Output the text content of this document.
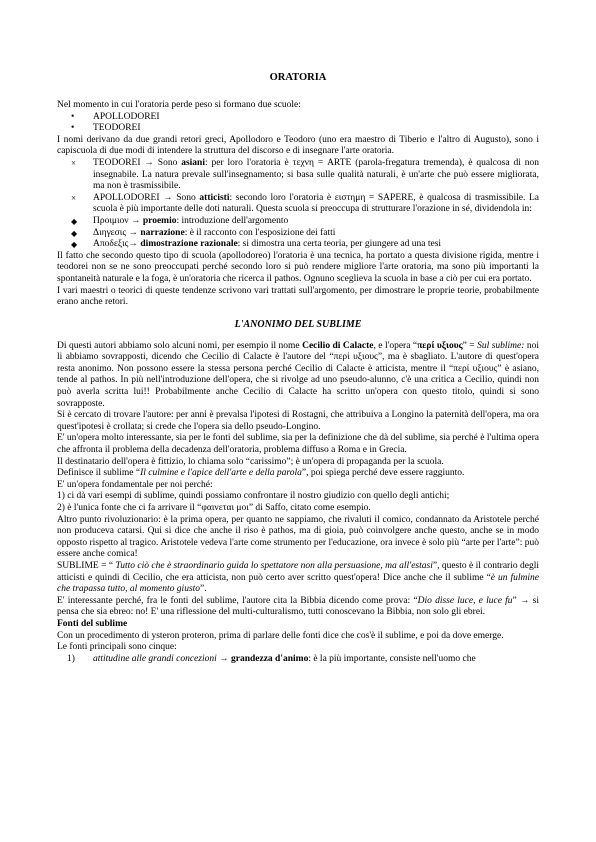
ORATORIA

Nel momento in cui l'oratoria perde peso si formano due scuole:

•
APOLLODOREI
•
TEODOREI

I nomi derivano da due grandi retori greci, Apollodoro e Teodoro (uno era maestro di Tiberio e l'altro di Augusto), sono i capiscuola di due modi di intendere la struttura del discorso e di insegnare l'arte oratoria.

×
TEODOREI → Sono asiani: per loro l'oratoria è τεχνη = ARTE (parola-fregatura tremenda), è qualcosa di non insegnabile. La natura prevale sull'insegnamento; si basa sulle qualità naturali, è un'arte che può essere migliorata, ma non è trasmissibile.
×
APOLLODOREI → Sono atticisti: secondo loro l'oratoria è ειστημη = SAPERE, è qualcosa di trasmissibile. La scuola è più importante delle doti naturali. Questa scuola si preoccupa di strutturare l'orazione in sé, dividendola in:
◆
Προιμιον → proemio: introduzione dell'argomento
◆
Διηγεσις → narrazione: è il racconto con l'esposizione dei fatti
◆
Αποδεξις→ dimostrazione razionale: si dimostra una certa teoria, per giungere ad una tesi

Il fatto che secondo questo tipo di scuola (apollodoreo) l'oratoria è una tecnica, ha portato a questa divisione rigida, mentre i teodorei non se ne sono preoccupati perché secondo loro si può rendere migliore l'arte oratoria, ma sono più importanti la spontaneità naturale e la foga, è un'oratoria che ricerca il pathos. Ognuno sceglieva la scuola in base a ciò per cui era portato.

I vari maestri o teorici di queste tendenze scrivono vari trattati sull'argomento, per dimostrare le proprie teorie, probabilmente erano anche retori.

L'ANONIMO DEL SUBLIME

Di questi autori abbiamo solo alcuni nomi, per esempio il nome Cecilio di Calacte, e l'opera “περί υξιους” = Sul sublime: noi li abbiamo sovrapposti, dicendo che Cecilio di Calacte è l'autore del “περί υξιους”, ma è sbagliato. L'autore di quest'opera resta anonimo. Non possono essere la stessa persona perché Cecilio di Calacte è atticista, mentre il “περί υξιους” è asiano, tende al pathos. In più nell'introduzione dell'opera, che si rivolge ad uno pseudo-alunno, c'è una critica a Cecilio, quindi non può averla scritta lui!! Probabilmente anche Cecilio di Calacte ha scritto un'opera con questo titolo, quindi si sono sovrapposte.

Si è cercato di trovare l'autore: per anni è prevalsa l'ipotesi di Rostagni, che attribuiva a Longino la paternità dell'opera, ma ora quest'ipotesi è crollata; si crede che l'opera sia dello pseudo-Longino.

E' un'opera molto interessante, sia per le fonti del sublime, sia per la definizione che dà del sublime, sia perché è l'ultima opera che affronta il problema della decadenza dell'oratoria, problema diffuso a Roma e in Grecia.

Il destinatario dell'opera è fittizio, lo chiama solo “carissimo”; è un'opera di propaganda per la scuola.

Definisce il sublime “Il culmine e l'apice dell'arte e della parola”, poi spiega perché deve essere raggiunto.

E' un'opera fondamentale per noi perché:

1) ci dà vari esempi di sublime, quindi possiamo confrontare il nostro giudizio con quello degli antichi;

2) è l'unica fonte che ci fa arrivare il “φαινεται μοι” di Saffo, citato come esempio.

Altro punto rivoluzionario: è la prima opera, per quanto ne sappiamo, che rivaluti il comico, condannato da Aristotele perché non produceva catarsi. Qui si dice che anche il riso è pathos, ma di gioia, può coinvolgere anche questo, anche se in modo opposto rispetto al tragico. Aristotele vedeva l'arte come strumento per l'educazione, ora invece è solo più “arte per l'arte”: può essere anche comica!

SUBLIME = “ Tutto ciò che è straordinario guida lo spettatore non alla persuasione, ma all'estasi”, questo è il contrario degli atticisti e quindi di Cecilio, che era atticista, non può certo aver scritto quest'opera! Dice anche che il sublime “è un fulmine che trapassa tutto, al momento giusto”.

E' interessante perché, fra le fonti del sublime, l'autore cita la Bibbia dicendo come prova: “Dio disse luce, e luce fu” → si pensa che sia ebreo: no! E' una riflessione del multi-culturalismo, tutti conoscevano la Bibbia, non solo gli ebrei.

Fonti del sublime

Con un procedimento di ysteron proteron, prima di parlare delle fonti dice che cos'è il sublime, e poi da dove emerge.

Le fonti principali sono cinque:

1) attitudine alle grandi concezioni → grandezza d'animo: è la più importante, consiste nell'uomo che
